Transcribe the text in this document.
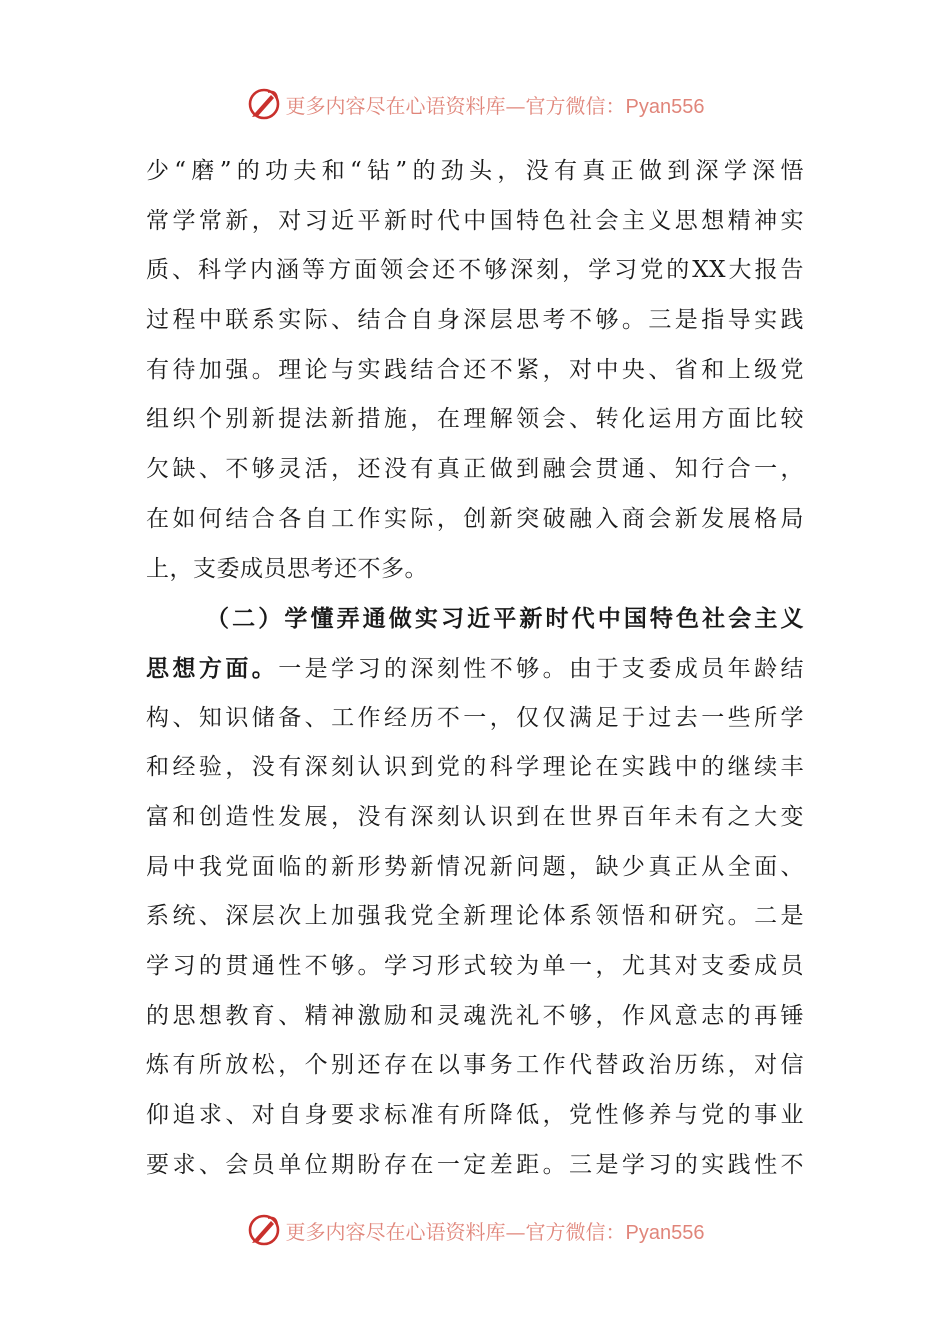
更多内容尽在心语资料库—官方微信：Pyan556
少“磨”的功夫和“钻”的劲头，没有真正做到深学深悟
常学常新，对习近平新时代中国特色社会主义思想精神实
质、科学内涵等方面领会还不够深刻，学习党的XX大报告
过程中联系实际、结合自身深层思考不够。三是指导实践
有待加强。理论与实践结合还不紧，对中央、省和上级党
组织个别新提法新措施，在理解领会、转化运用方面比较
欠缺、不够灵活，还没有真正做到融会贯通、知行合一，
在如何结合各自工作实际，创新突破融入商会新发展格局
上，支委成员思考还不多。
（二）学懂弄通做实习近平新时代中国特色社会主义
思想方面。一是学习的深刻性不够。由于支委成员年龄结
构、知识储备、工作经历不一，仅仅满足于过去一些所学
和经验，没有深刻认识到党的科学理论在实践中的继续丰
富和创造性发展，没有深刻认识到在世界百年未有之大变
局中我党面临的新形势新情况新问题，缺少真正从全面、
系统、深层次上加强我党全新理论体系领悟和研究。二是
学习的贯通性不够。学习形式较为单一，尤其对支委成员
的思想教育、精神激励和灵魂洗礼不够，作风意志的再锤
炼有所放松，个别还存在以事务工作代替政治历练，对信
仰追求、对自身要求标准有所降低，党性修养与党的事业
要求、会员单位期盼存在一定差距。三是学习的实践性不
更多内容尽在心语资料库—官方微信：Pyan556
